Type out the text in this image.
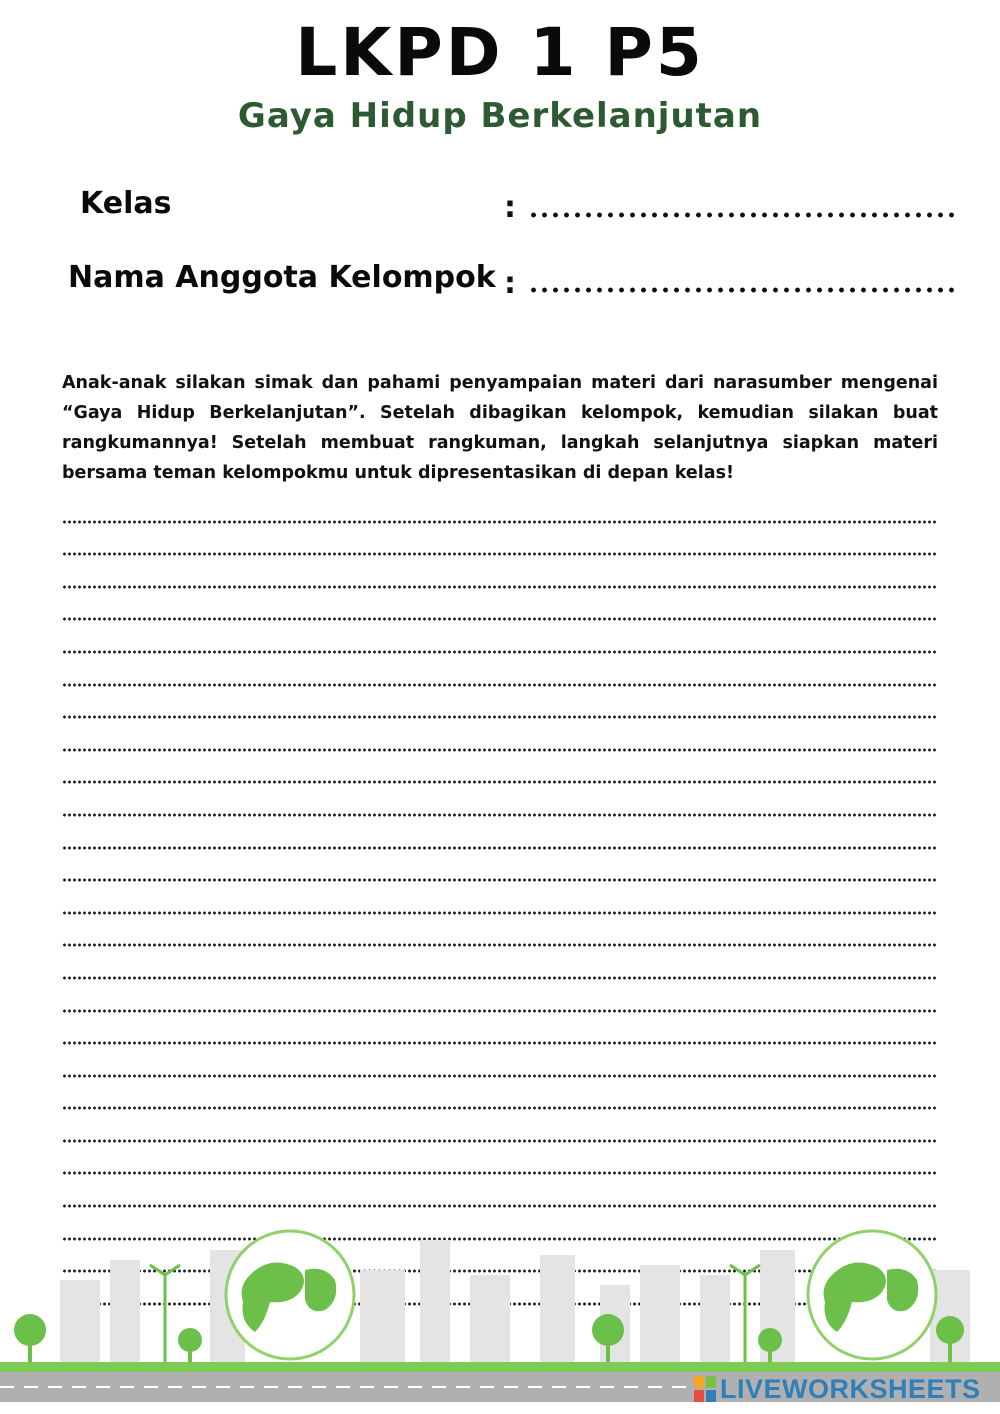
LKPD 1 P5
Gaya Hidup Berkelanjutan
Kelas	:
Nama Anggota Kelompok :
Anak-anak silakan simak dan pahami penyampaian materi dari narasumber mengenai “Gaya Hidup Berkelanjutan”. Setelah dibagikan kelompok, kemudian silakan buat rangkumannya! Setelah membuat rangkuman, langkah selanjutnya siapkan materi bersama teman kelompokmu untuk dipresentasikan di depan kelas!
LIVEWORKSHEETS
